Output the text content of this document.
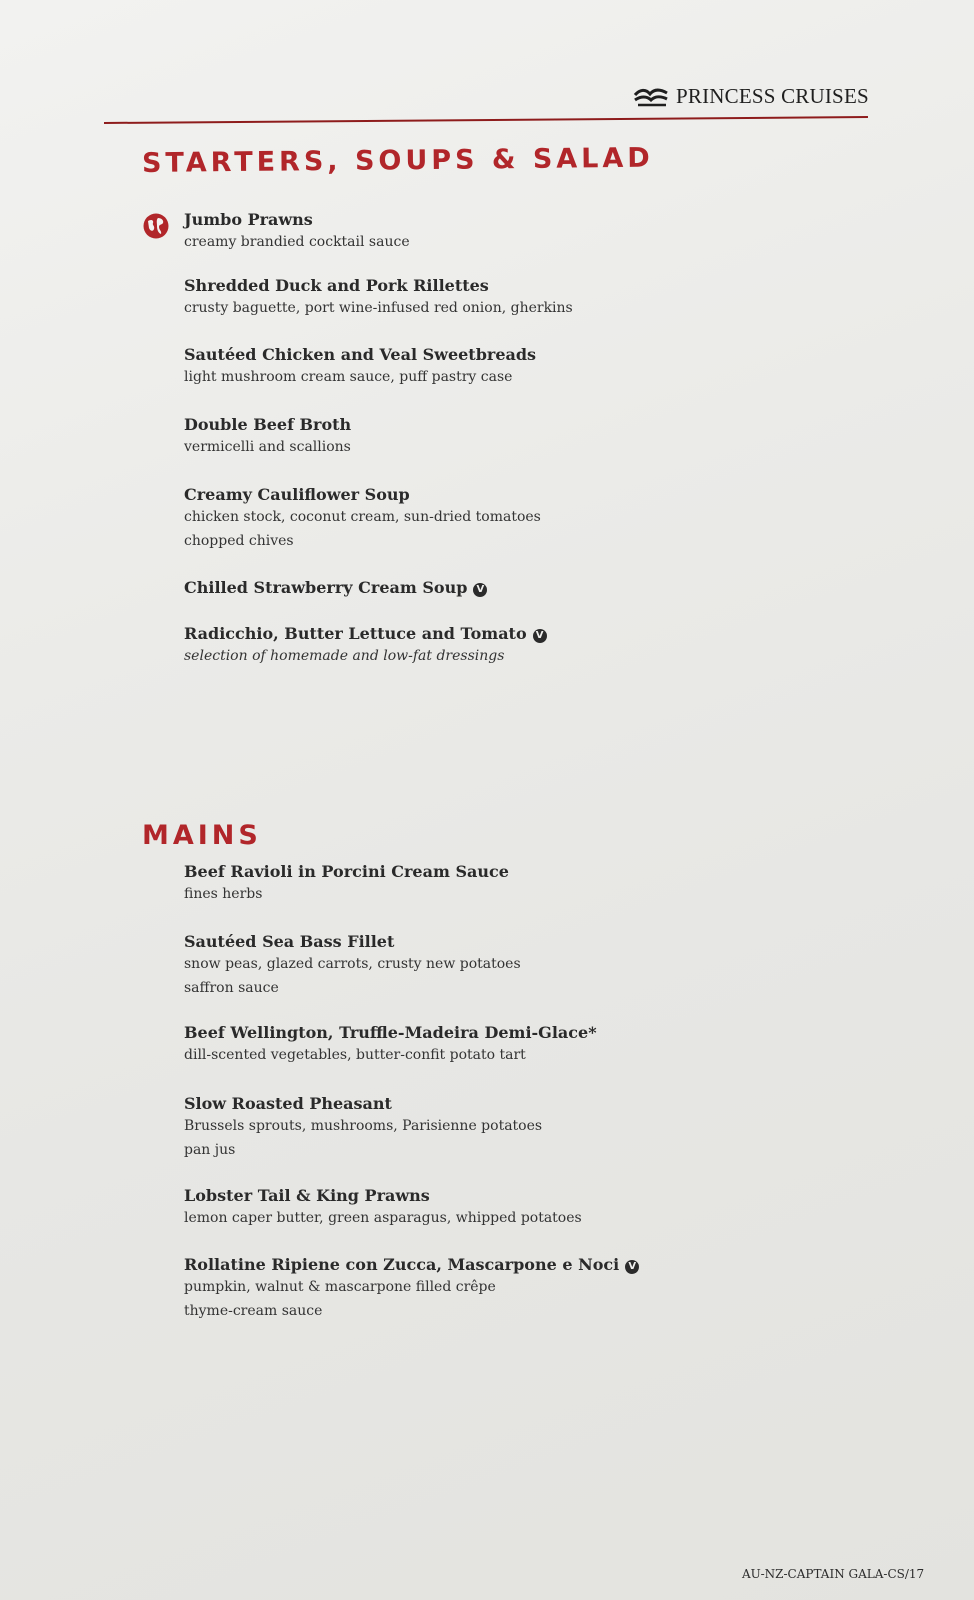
PRINCESS CRUISES
STARTERS, SOUPS & SALAD
Jumbo Prawns
creamy brandied cocktail sauce
Shredded Duck and Pork Rillettes
crusty baguette, port wine-infused red onion, gherkins
Sautéed Chicken and Veal Sweetbreads
light mushroom cream sauce, puff pastry case
Double Beef Broth
vermicelli and scallions
Creamy Cauliflower Soup
chicken stock, coconut cream, sun-dried tomatoes
chopped chives
Chilled Strawberry Cream Soup V
Radicchio, Butter Lettuce and Tomato V
selection of homemade and low-fat dressings
MAINS
Beef Ravioli in Porcini Cream Sauce
fines herbs
Sautéed Sea Bass Fillet
snow peas, glazed carrots, crusty new potatoes
saffron sauce
Beef Wellington, Truffle-Madeira Demi-Glace*
dill-scented vegetables, butter-confit potato tart
Slow Roasted Pheasant
Brussels sprouts, mushrooms, Parisienne potatoes
pan jus
Lobster Tail & King Prawns
lemon caper butter, green asparagus, whipped potatoes
Rollatine Ripiene con Zucca, Mascarpone e Noci V
pumpkin, walnut & mascarpone filled crêpe
thyme-cream sauce
AU-NZ-CAPTAIN GALA-CS/17
